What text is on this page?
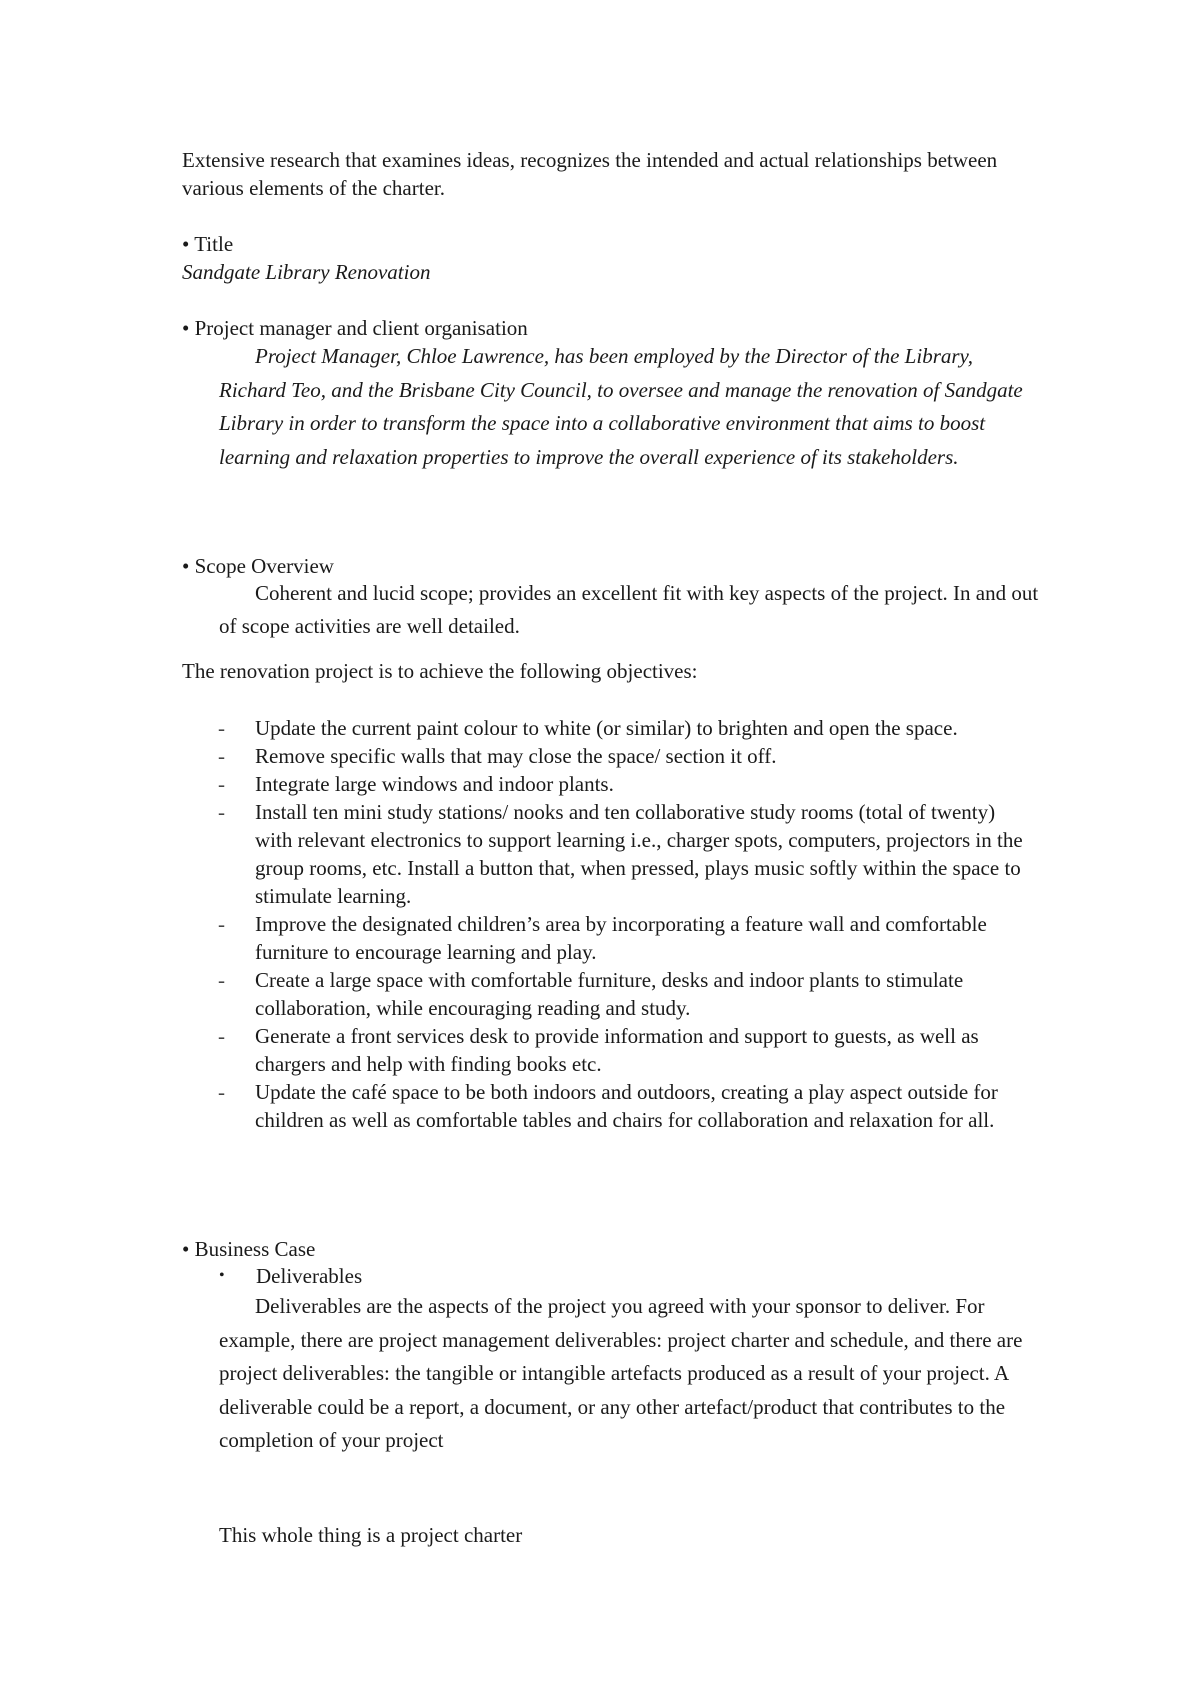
Extensive research that examines ideas, recognizes the intended and actual relationships between various elements of the charter.
• Title
Sandgate Library Renovation
• Project manager and client organisation
Project Manager, Chloe Lawrence, has been employed by the Director of the Library, Richard Teo, and the Brisbane City Council, to oversee and manage the renovation of Sandgate Library in order to transform the space into a collaborative environment that aims to boost learning and relaxation properties to improve the overall experience of its stakeholders.
• Scope Overview
Coherent and lucid scope; provides an excellent fit with key aspects of the project. In and out of scope activities are well detailed.
The renovation project is to achieve the following objectives:
- Update the current paint colour to white (or similar) to brighten and open the space.
- Remove specific walls that may close the space/ section it off.
- Integrate large windows and indoor plants.
- Install ten mini study stations/ nooks and ten collaborative study rooms (total of twenty) with relevant electronics to support learning i.e., charger spots, computers, projectors in the group rooms, etc. Install a button that, when pressed, plays music softly within the space to stimulate learning.
- Improve the designated children’s area by incorporating a feature wall and comfortable furniture to encourage learning and play.
- Create a large space with comfortable furniture, desks and indoor plants to stimulate collaboration, while encouraging reading and study.
- Generate a front services desk to provide information and support to guests, as well as chargers and help with finding books etc.
- Update the café space to be both indoors and outdoors, creating a play aspect outside for children as well as comfortable tables and chairs for collaboration and relaxation for all.
• Business Case
• Deliverables
Deliverables are the aspects of the project you agreed with your sponsor to deliver. For example, there are project management deliverables: project charter and schedule, and there are project deliverables: the tangible or intangible artefacts produced as a result of your project. A deliverable could be a report, a document, or any other artefact/product that contributes to the completion of your project
This whole thing is a project charter
